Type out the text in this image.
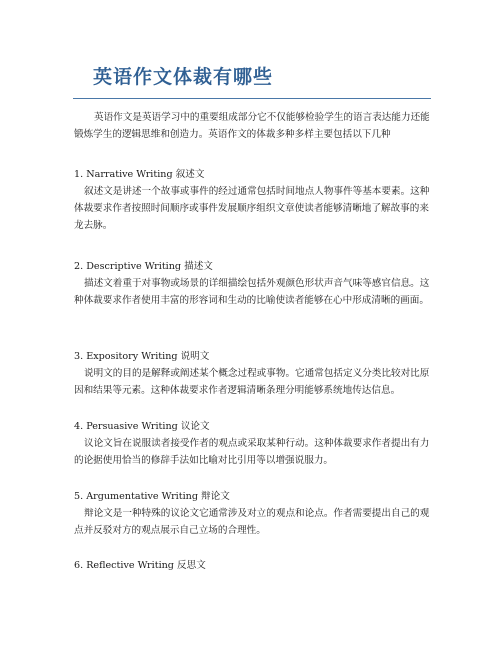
英语作文体裁有哪些
英语作文是英语学习中的重要组成部分它不仅能够检验学生的语言表达能力还能锻炼学生的逻辑思维和创造力。英语作文的体裁多种多样主要包括以下几种
1. Narrative Writing 叙述文
叙述文是讲述一个故事或事件的经过通常包括时间地点人物事件等基本要素。这种体裁要求作者按照时间顺序或事件发展顺序组织文章使读者能够清晰地了解故事的来龙去脉。
2. Descriptive Writing 描述文
描述文着重于对事物或场景的详细描绘包括外观颜色形状声音气味等感官信息。这种体裁要求作者使用丰富的形容词和生动的比喻使读者能够在心中形成清晰的画面。
3. Expository Writing 说明文
说明文的目的是解释或阐述某个概念过程或事物。它通常包括定义分类比较对比原因和结果等元素。这种体裁要求作者逻辑清晰条理分明能够系统地传达信息。
4. Persuasive Writing 议论文
议论文旨在说服读者接受作者的观点或采取某种行动。这种体裁要求作者提出有力的论据使用恰当的修辞手法如比喻对比引用等以增强说服力。
5. Argumentative Writing 辩论文
辩论文是一种特殊的议论文它通常涉及对立的观点和论点。作者需要提出自己的观点并反驳对方的观点展示自己立场的合理性。
6. Reflective Writing 反思文
